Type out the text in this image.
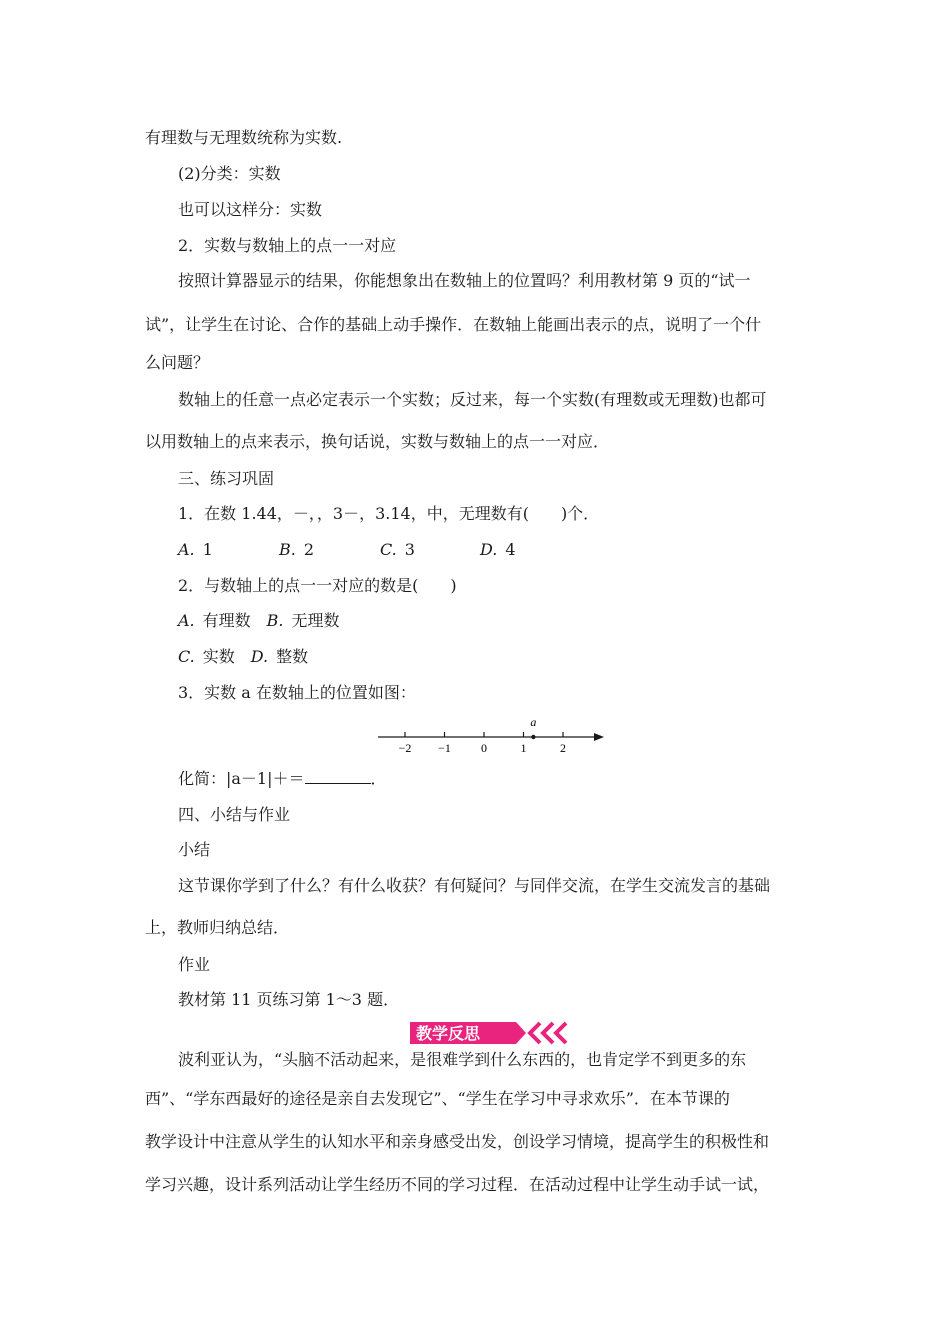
有理数与无理数统称为实数.
(2)分类：实数
也可以这样分：实数
2．实数与数轴上的点一一对应
按照计算器显示的结果，你能想象出在数轴上的位置吗？利用教材第 9 页的“试一
试”，让学生在讨论、合作的基础上动手操作．在数轴上能画出表示的点，说明了一个什
么问题？
数轴上的任意一点必定表示一个实数；反过来，每一个实数(有理数或无理数)也都可
以用数轴上的点来表示，换句话说，实数与数轴上的点一一对应．
三、练习巩固
1．在数 1.44，－，，3－，3.14，中，无理数有(　　)个．
A.  1	B.  2	C.  3	D.  4
2．与数轴上的点一一对应的数是(　　)
A.  有理数  B.  无理数
C.  实数  D.  整数
3．实数 a 在数轴上的位置如图：
−2 −1	0	1	2
a
化简：|a－1|＋＝	．
四、小结与作业
小结
这节课你学到了什么？有什么收获？有何疑问？与同伴交流，在学生交流发言的基础
上，教师归纳总结．
作业
教材第 11 页练习第 1～3 题．
教学反思
波利亚认为，“头脑不活动起来，是很难学到什么东西的，也肯定学不到更多的东
西”、“学东西最好的途径是亲自去发现它”、“学生在学习中寻求欢乐”．在本节课的
教学设计中注意从学生的认知水平和亲身感受出发，创设学习情境，提高学生的积极性和
学习兴趣，设计系列活动让学生经历不同的学习过程．在活动过程中让学生动手试一试，
